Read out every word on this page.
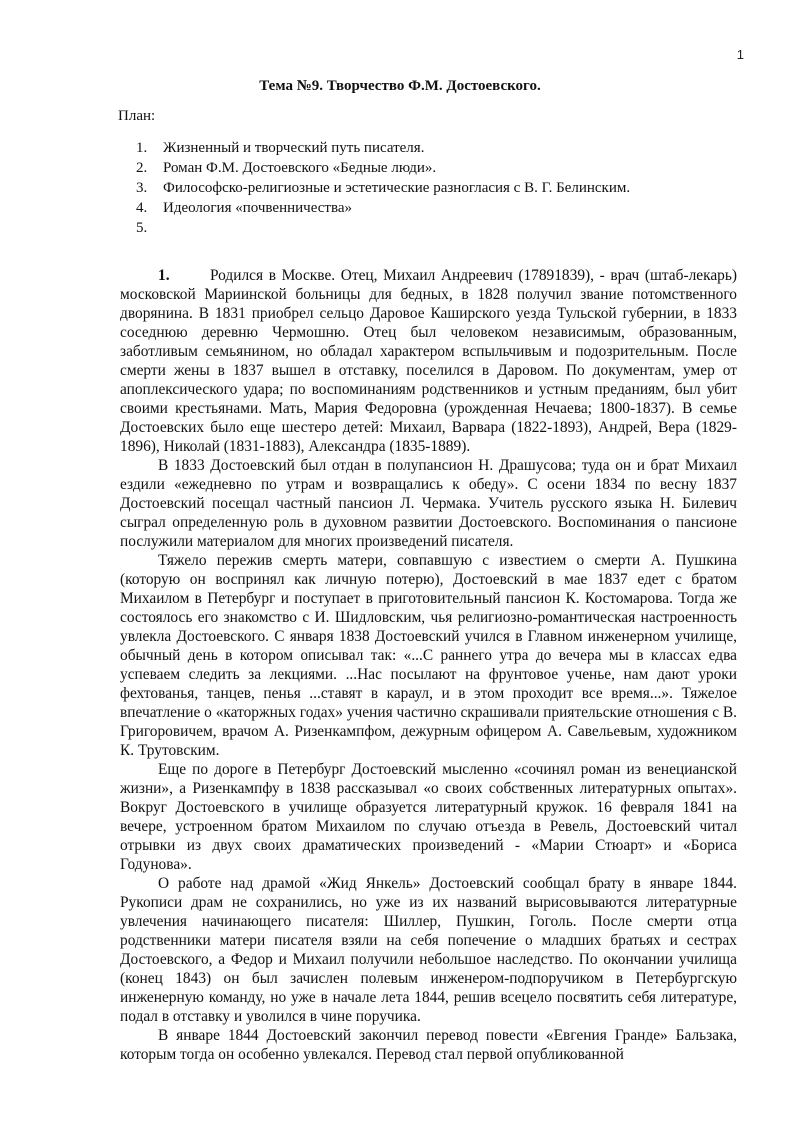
1
Тема №9. Творчество Ф.М. Достоевского.
План:
1.	Жизненный и творческий путь писателя.
2.	Роман Ф.М. Достоевского «Бедные люди».
3.	Философско-религиозные и эстетические разногласия с В. Г. Белинским.
4.	Идеология «почвенничества»
5.

1.	Родился в Москве. Отец, Михаил Андреевич (17891839), - врач (штаб-лекарь) московской Мариинской больницы для бедных, в 1828 получил звание потомственного дворянина. В 1831 приобрел сельцо Даровое Каширского уезда Тульской губернии, в 1833 соседнюю деревню Чермошню. Отец был человеком независимым, образованным, заботливым семьянином, но обладал характером вспыльчивым и подозрительным. После смерти жены в 1837 вышел в отставку, поселился в Даровом. По документам, умер от апоплексического удара; по воспоминаниям родственников и устным преданиям, был убит своими крестьянами. Мать, Мария Федоровна (урожденная Нечаева; 1800-1837). В семье Достоевских было еще шестеро детей: Михаил, Варвара (1822-1893), Андрей, Вера (1829-1896), Николай (1831-1883), Александра (1835-1889).

В 1833 Достоевский был отдан в полупансион Н. Драшусова; туда он и брат Михаил ездили «ежедневно по утрам и возвращались к обеду». С осени 1834 по весну 1837 Достоевский посещал частный пансион Л. Чермака. Учитель русского языка Н. Билевич сыграл определенную роль в духовном развитии Достоевского. Воспоминания о пансионе послужили материалом для многих произведений писателя.

Тяжело пережив смерть матери, совпавшую с известием о смерти А. Пушкина (которую он воспринял как личную потерю), Достоевский в мае 1837 едет с братом Михаилом в Петербург и поступает в приготовительный пансион К. Костомарова. Тогда же состоялось его знакомство с И. Шидловским, чья религиозно-романтическая настроенность увлекла Достоевского. С января 1838 Достоевский учился в Главном инженерном училище, обычный день в котором описывал так: «...С раннего утра до вечера мы в классах едва успеваем следить за лекциями. ...Нас посылают на фрунтовое ученье, нам дают уроки фехтованья, танцев, пенья ...ставят в караул, и в этом проходит все время...». Тяжелое впечатление о «каторжных годах» учения частично скрашивали приятельские отношения с В. Григоровичем, врачом А. Ризенкампфом, дежурным офицером А. Савельевым, художником К. Трутовским.

Еще по дороге в Петербург Достоевский мысленно «сочинял роман из венецианской жизни», а Ризенкампфу в 1838 рассказывал «о своих собственных литературных опытах». Вокруг Достоевского в училище образуется литературный кружок. 16 февраля 1841 на вечере, устроенном братом Михаилом по случаю отъезда в Ревель, Достоевский читал отрывки из двух своих драматических произведений - «Марии Стюарт» и «Бориса Годунова».

О работе над драмой «Жид Янкель» Достоевский сообщал брату в январе 1844. Рукописи драм не сохранились, но уже из их названий вырисовываются литературные увлечения начинающего писателя: Шиллер, Пушкин, Гоголь. После смерти отца родственники матери писателя взяли на себя попечение о младших братьях и сестрах Достоевского, а Федор и Михаил получили небольшое наследство. По окончании училища (конец 1843) он был зачислен полевым инженером-подпоручиком в Петербургскую инженерную команду, но уже в начале лета 1844, решив всецело посвятить себя литературе, подал в отставку и уволился в чине поручика.

В январе 1844 Достоевский закончил перевод повести «Евгения Гранде» Бальзака, которым тогда он особенно увлекался. Перевод стал первой опубликованной
